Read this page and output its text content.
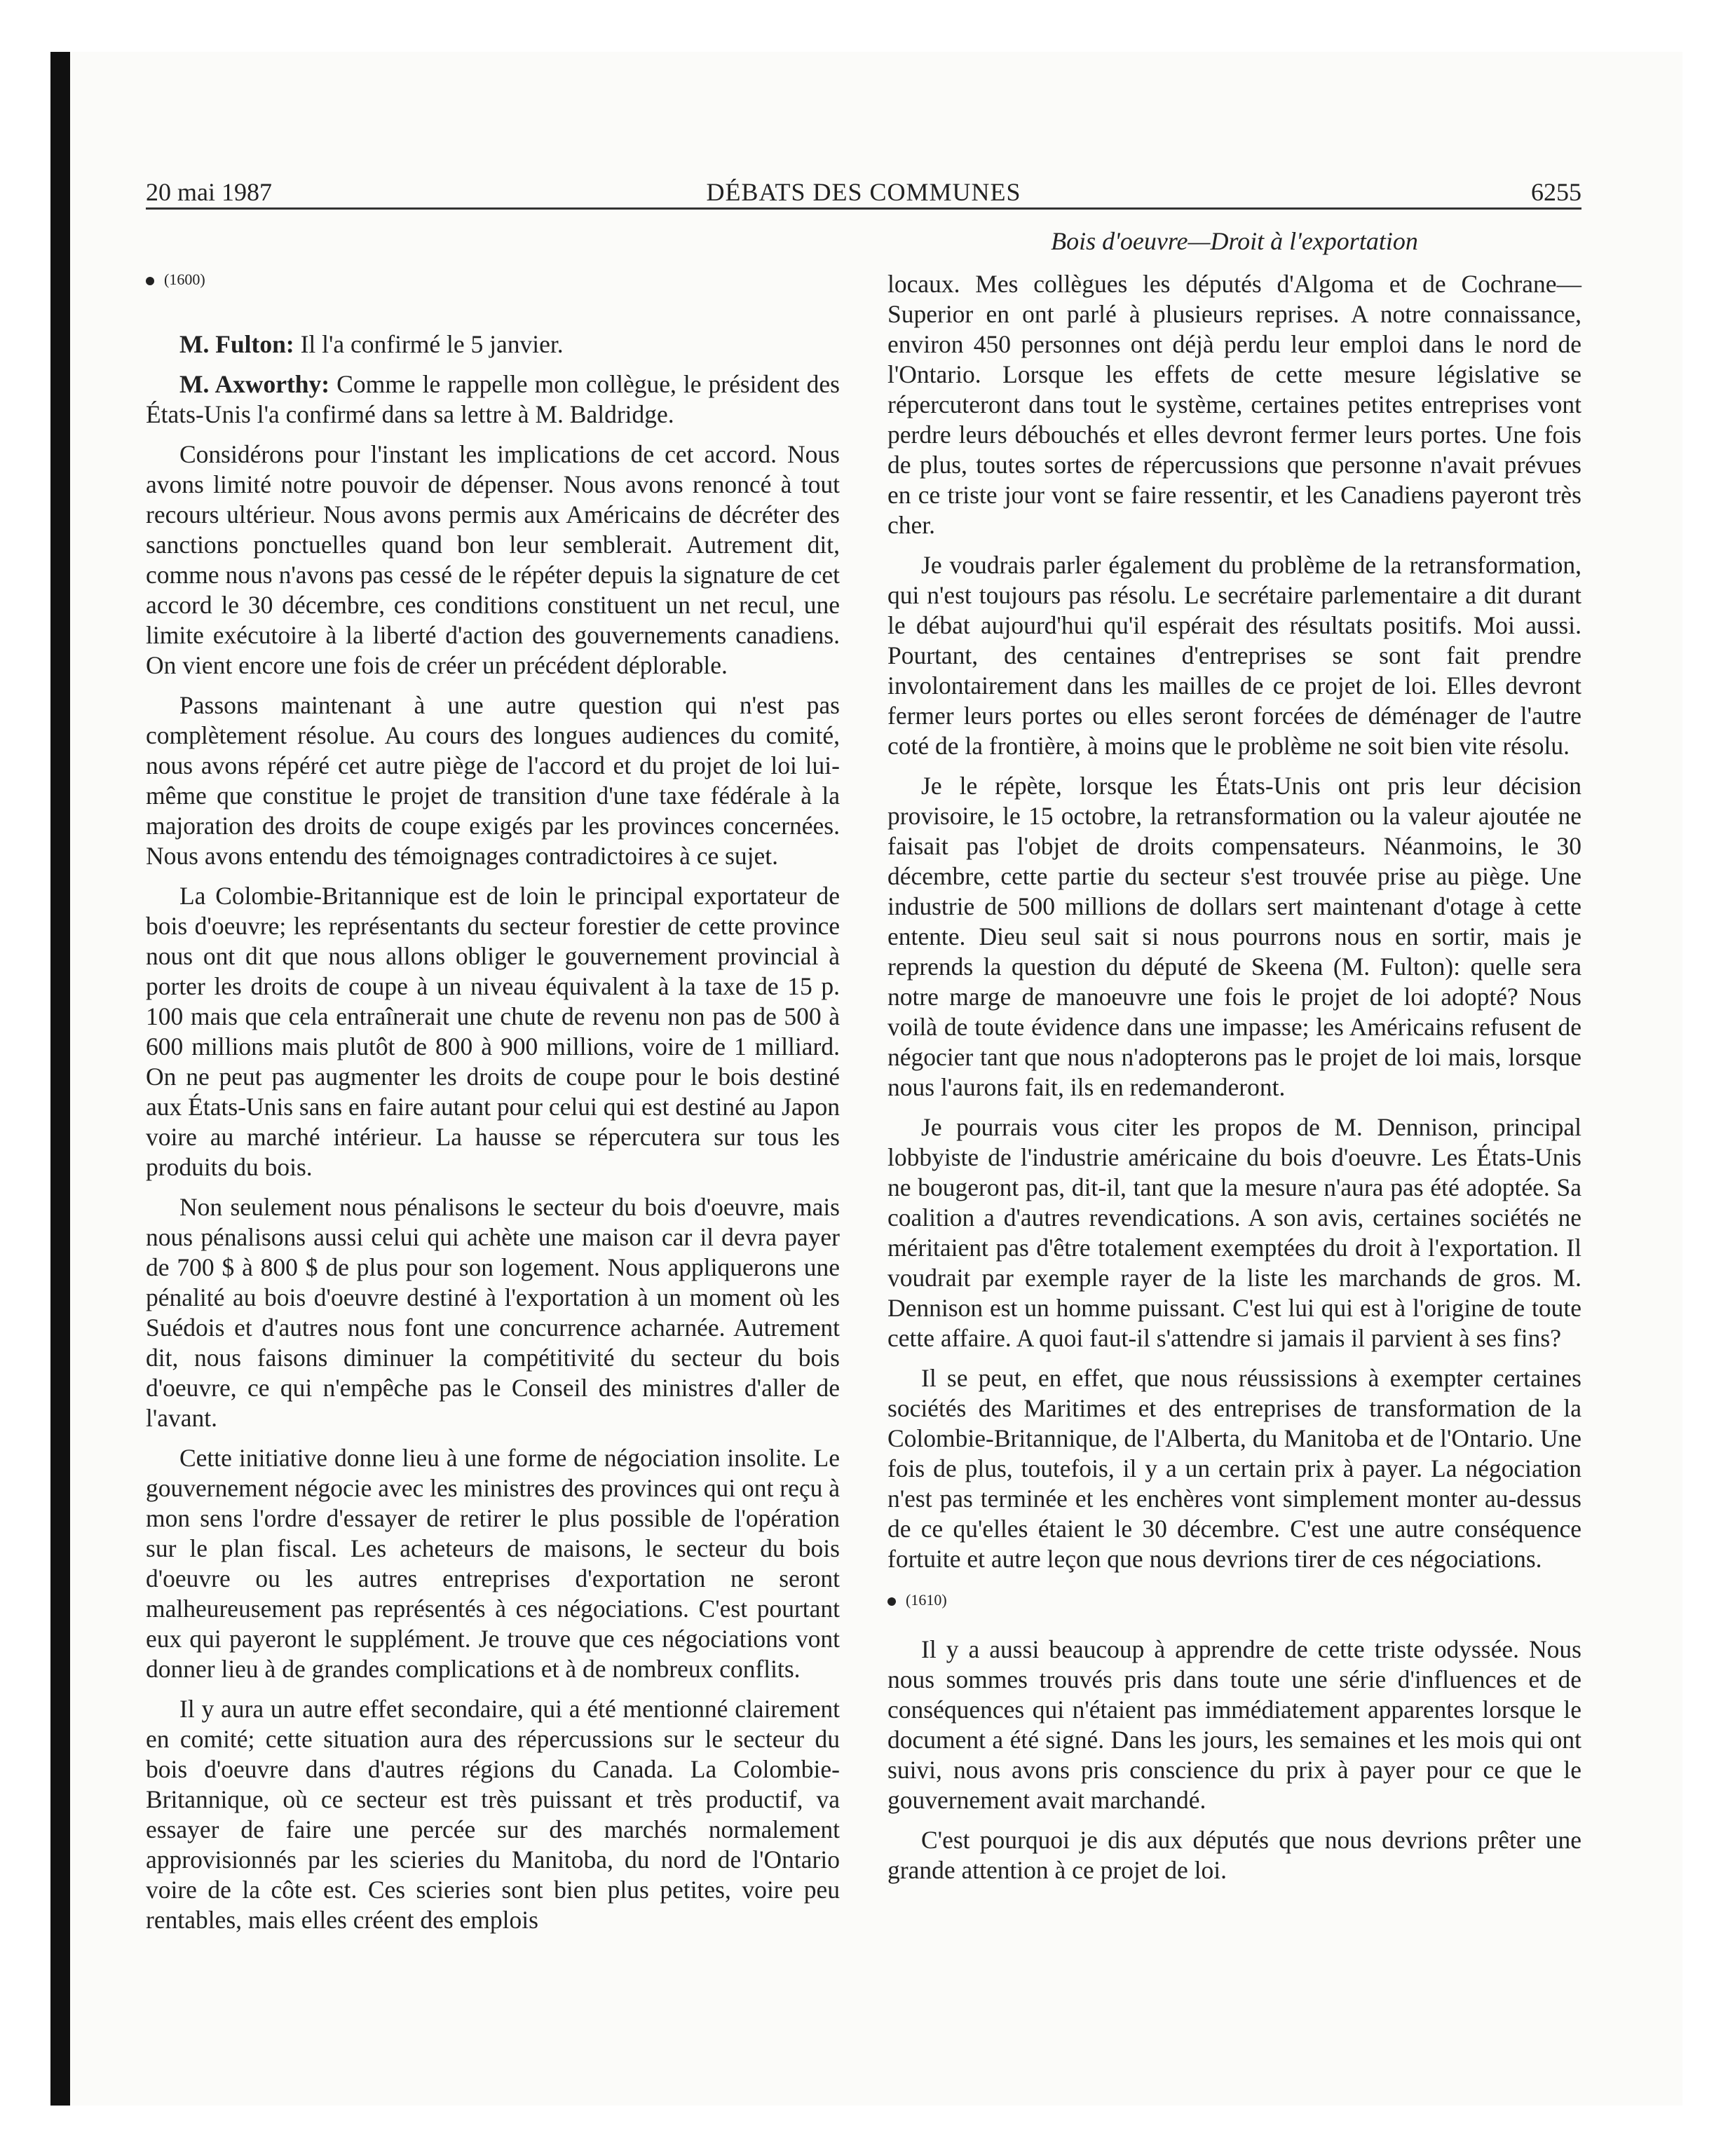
20 mai 1987	DÉBATS DES COMMUNES	6255
Bois d'oeuvre—Droit à l'exportation
(1600)

M. Fulton: Il l'a confirmé le 5 janvier.

M. Axworthy: Comme le rappelle mon collègue, le président des États-Unis l'a confirmé dans sa lettre à M. Baldridge.

Considérons pour l'instant les implications de cet accord. Nous avons limité notre pouvoir de dépenser. Nous avons renoncé à tout recours ultérieur. Nous avons permis aux Américains de décréter des sanctions ponctuelles quand bon leur semblerait. Autrement dit, comme nous n'avons pas cessé de le répéter depuis la signature de cet accord le 30 décembre, ces conditions constituent un net recul, une limite exécutoire à la liberté d'action des gouvernements canadiens. On vient encore une fois de créer un précédent déplorable.

Passons maintenant à une autre question qui n'est pas complètement résolue. Au cours des longues audiences du comité, nous avons répéré cet autre piège de l'accord et du projet de loi lui-même que constitue le projet de transition d'une taxe fédérale à la majoration des droits de coupe exigés par les provinces concernées. Nous avons entendu des témoignages contradictoires à ce sujet.

La Colombie-Britannique est de loin le principal exportateur de bois d'oeuvre; les représentants du secteur forestier de cette province nous ont dit que nous allons obliger le gouvernement provincial à porter les droits de coupe à un niveau équivalent à la taxe de 15 p. 100 mais que cela entraînerait une chute de revenu non pas de 500 à 600 millions mais plutôt de 800 à 900 millions, voire de 1 milliard. On ne peut pas augmenter les droits de coupe pour le bois destiné aux États-Unis sans en faire autant pour celui qui est destiné au Japon voire au marché intérieur. La hausse se répercutera sur tous les produits du bois.

Non seulement nous pénalisons le secteur du bois d'oeuvre, mais nous pénalisons aussi celui qui achète une maison car il devra payer de 700 $ à 800 $ de plus pour son logement. Nous appliquerons une pénalité au bois d'oeuvre destiné à l'exportation à un moment où les Suédois et d'autres nous font une concurrence acharnée. Autrement dit, nous faisons diminuer la compétitivité du secteur du bois d'oeuvre, ce qui n'empêche pas le Conseil des ministres d'aller de l'avant.

Cette initiative donne lieu à une forme de négociation insolite. Le gouvernement négocie avec les ministres des provinces qui ont reçu à mon sens l'ordre d'essayer de retirer le plus possible de l'opération sur le plan fiscal. Les acheteurs de maisons, le secteur du bois d'oeuvre ou les autres entreprises d'exportation ne seront malheureusement pas représentés à ces négociations. C'est pourtant eux qui payeront le supplément. Je trouve que ces négociations vont donner lieu à de grandes complications et à de nombreux conflits.

Il y aura un autre effet secondaire, qui a été mentionné clairement en comité; cette situation aura des répercussions sur le secteur du bois d'oeuvre dans d'autres régions du Canada. La Colombie-Britannique, où ce secteur est très puissant et très productif, va essayer de faire une percée sur des marchés normalement approvisionnés par les scieries du Manitoba, du nord de l'Ontario voire de la côte est. Ces scieries sont bien plus petites, voire peu rentables, mais elles créent des emplois

locaux. Mes collègues les députés d'Algoma et de Cochrane—Superior en ont parlé à plusieurs reprises. A notre connaissance, environ 450 personnes ont déjà perdu leur emploi dans le nord de l'Ontario. Lorsque les effets de cette mesure législative se répercuteront dans tout le système, certaines petites entreprises vont perdre leurs débouchés et elles devront fermer leurs portes. Une fois de plus, toutes sortes de répercussions que personne n'avait prévues en ce triste jour vont se faire ressentir, et les Canadiens payeront très cher.

Je voudrais parler également du problème de la retransformation, qui n'est toujours pas résolu. Le secrétaire parlementaire a dit durant le débat aujourd'hui qu'il espérait des résultats positifs. Moi aussi. Pourtant, des centaines d'entreprises se sont fait prendre involontairement dans les mailles de ce projet de loi. Elles devront fermer leurs portes ou elles seront forcées de déménager de l'autre coté de la frontière, à moins que le problème ne soit bien vite résolu.

Je le répète, lorsque les États-Unis ont pris leur décision provisoire, le 15 octobre, la retransformation ou la valeur ajoutée ne faisait pas l'objet de droits compensateurs. Néanmoins, le 30 décembre, cette partie du secteur s'est trouvée prise au piège. Une industrie de 500 millions de dollars sert maintenant d'otage à cette entente. Dieu seul sait si nous pourrons nous en sortir, mais je reprends la question du député de Skeena (M. Fulton): quelle sera notre marge de manoeuvre une fois le projet de loi adopté? Nous voilà de toute évidence dans une impasse; les Américains refusent de négocier tant que nous n'adopterons pas le projet de loi mais, lorsque nous l'aurons fait, ils en redemanderont.

Je pourrais vous citer les propos de M. Dennison, principal lobbyiste de l'industrie américaine du bois d'oeuvre. Les États-Unis ne bougeront pas, dit-il, tant que la mesure n'aura pas été adoptée. Sa coalition a d'autres revendications. A son avis, certaines sociétés ne méritaient pas d'être totalement exemptées du droit à l'exportation. Il voudrait par exemple rayer de la liste les marchands de gros. M. Dennison est un homme puissant. C'est lui qui est à l'origine de toute cette affaire. A quoi faut-il s'attendre si jamais il parvient à ses fins?

Il se peut, en effet, que nous réussissions à exempter certaines sociétés des Maritimes et des entreprises de transformation de la Colombie-Britannique, de l'Alberta, du Manitoba et de l'Ontario. Une fois de plus, toutefois, il y a un certain prix à payer. La négociation n'est pas terminée et les enchères vont simplement monter au-dessus de ce qu'elles étaient le 30 décembre. C'est une autre conséquence fortuite et autre leçon que nous devrions tirer de ces négociations.

(1610)

Il y a aussi beaucoup à apprendre de cette triste odyssée. Nous nous sommes trouvés pris dans toute une série d'influences et de conséquences qui n'étaient pas immédiatement apparentes lorsque le document a été signé. Dans les jours, les semaines et les mois qui ont suivi, nous avons pris conscience du prix à payer pour ce que le gouvernement avait marchandé.

C'est pourquoi je dis aux députés que nous devrions prêter une grande attention à ce projet de loi.
